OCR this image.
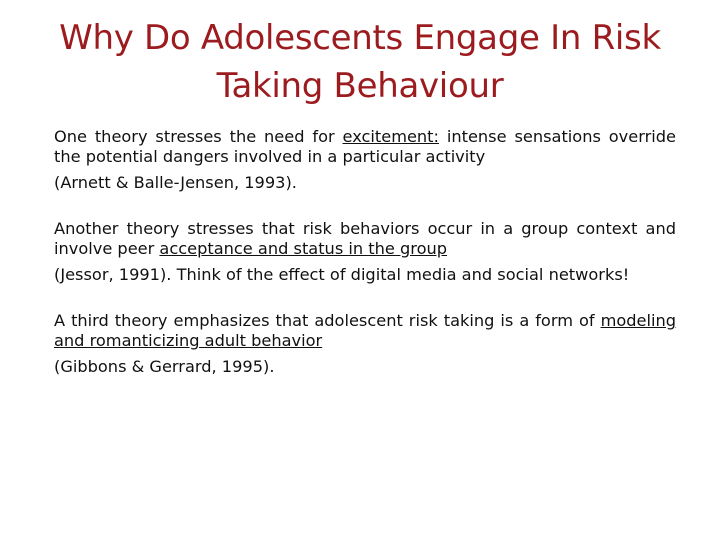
Why Do Adolescents Engage In Risk
Taking Behaviour

One theory stresses the need for excitement: intense sensations override the potential dangers involved in a particular activity

(Arnett & Balle-Jensen, 1993).

Another theory stresses that risk behaviors occur in a group context and involve peer acceptance and status in the group

(Jessor, 1991). Think of the effect of digital media and social networks!

A third theory emphasizes that adolescent risk taking is a form of modeling and romanticizing adult behavior

(Gibbons & Gerrard, 1995).
